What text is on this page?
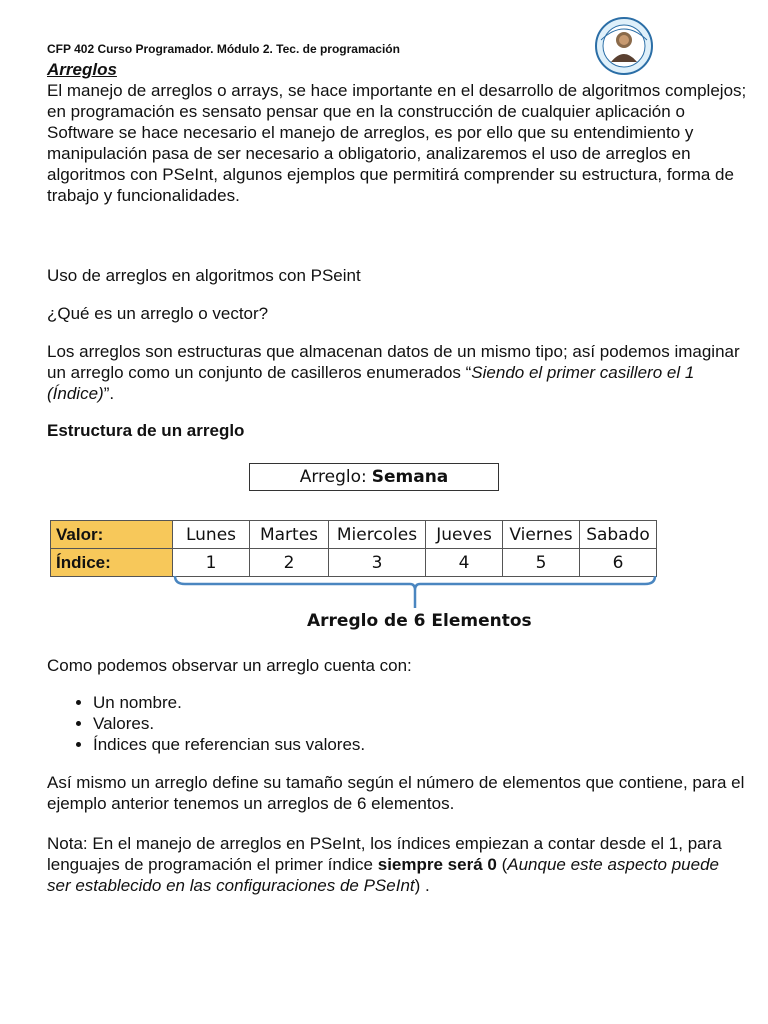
CFP 402 Curso Programador. Módulo 2. Tec. de programación
Arreglos
El manejo de arreglos o arrays, se hace importante en el desarrollo de algoritmos complejos; en programación es sensato pensar que en la construcción de cualquier aplicación o Software se hace necesario el manejo de arreglos, es por ello que su entendimiento y manipulación pasa de ser necesario a obligatorio, analizaremos el uso de arreglos en algoritmos con PSeInt, algunos ejemplos que permitirá comprender su estructura, forma de trabajo y funcionalidades.
Uso de arreglos en algoritmos con PSeint
¿Qué es un arreglo o vector?
Los arreglos son estructuras que almacenan datos de un mismo tipo; así podemos imaginar un arreglo como un conjunto de casilleros enumerados “Siendo el primer casillero el 1 (Índice)”.
Estructura de un arreglo
Arreglo: Semana
Valor:	Lunes	Martes	Miercoles	Jueves	Viernes	Sabado
Índice:	1	2	3	4	5	6
Arreglo de 6 Elementos
Como podemos observar un arreglo cuenta con:
• Un nombre.
• Valores.
• Índices que referencian sus valores.
Así mismo un arreglo define su tamaño según el número de elementos que contiene, para el ejemplo anterior tenemos un arreglos de 6 elementos.
Nota: En el manejo de arreglos en PSeInt, los índices empiezan a contar desde el 1, para lenguajes de programación el primer índice siempre será 0 (Aunque este aspecto puede ser establecido en las configuraciones de PSeInt) .
